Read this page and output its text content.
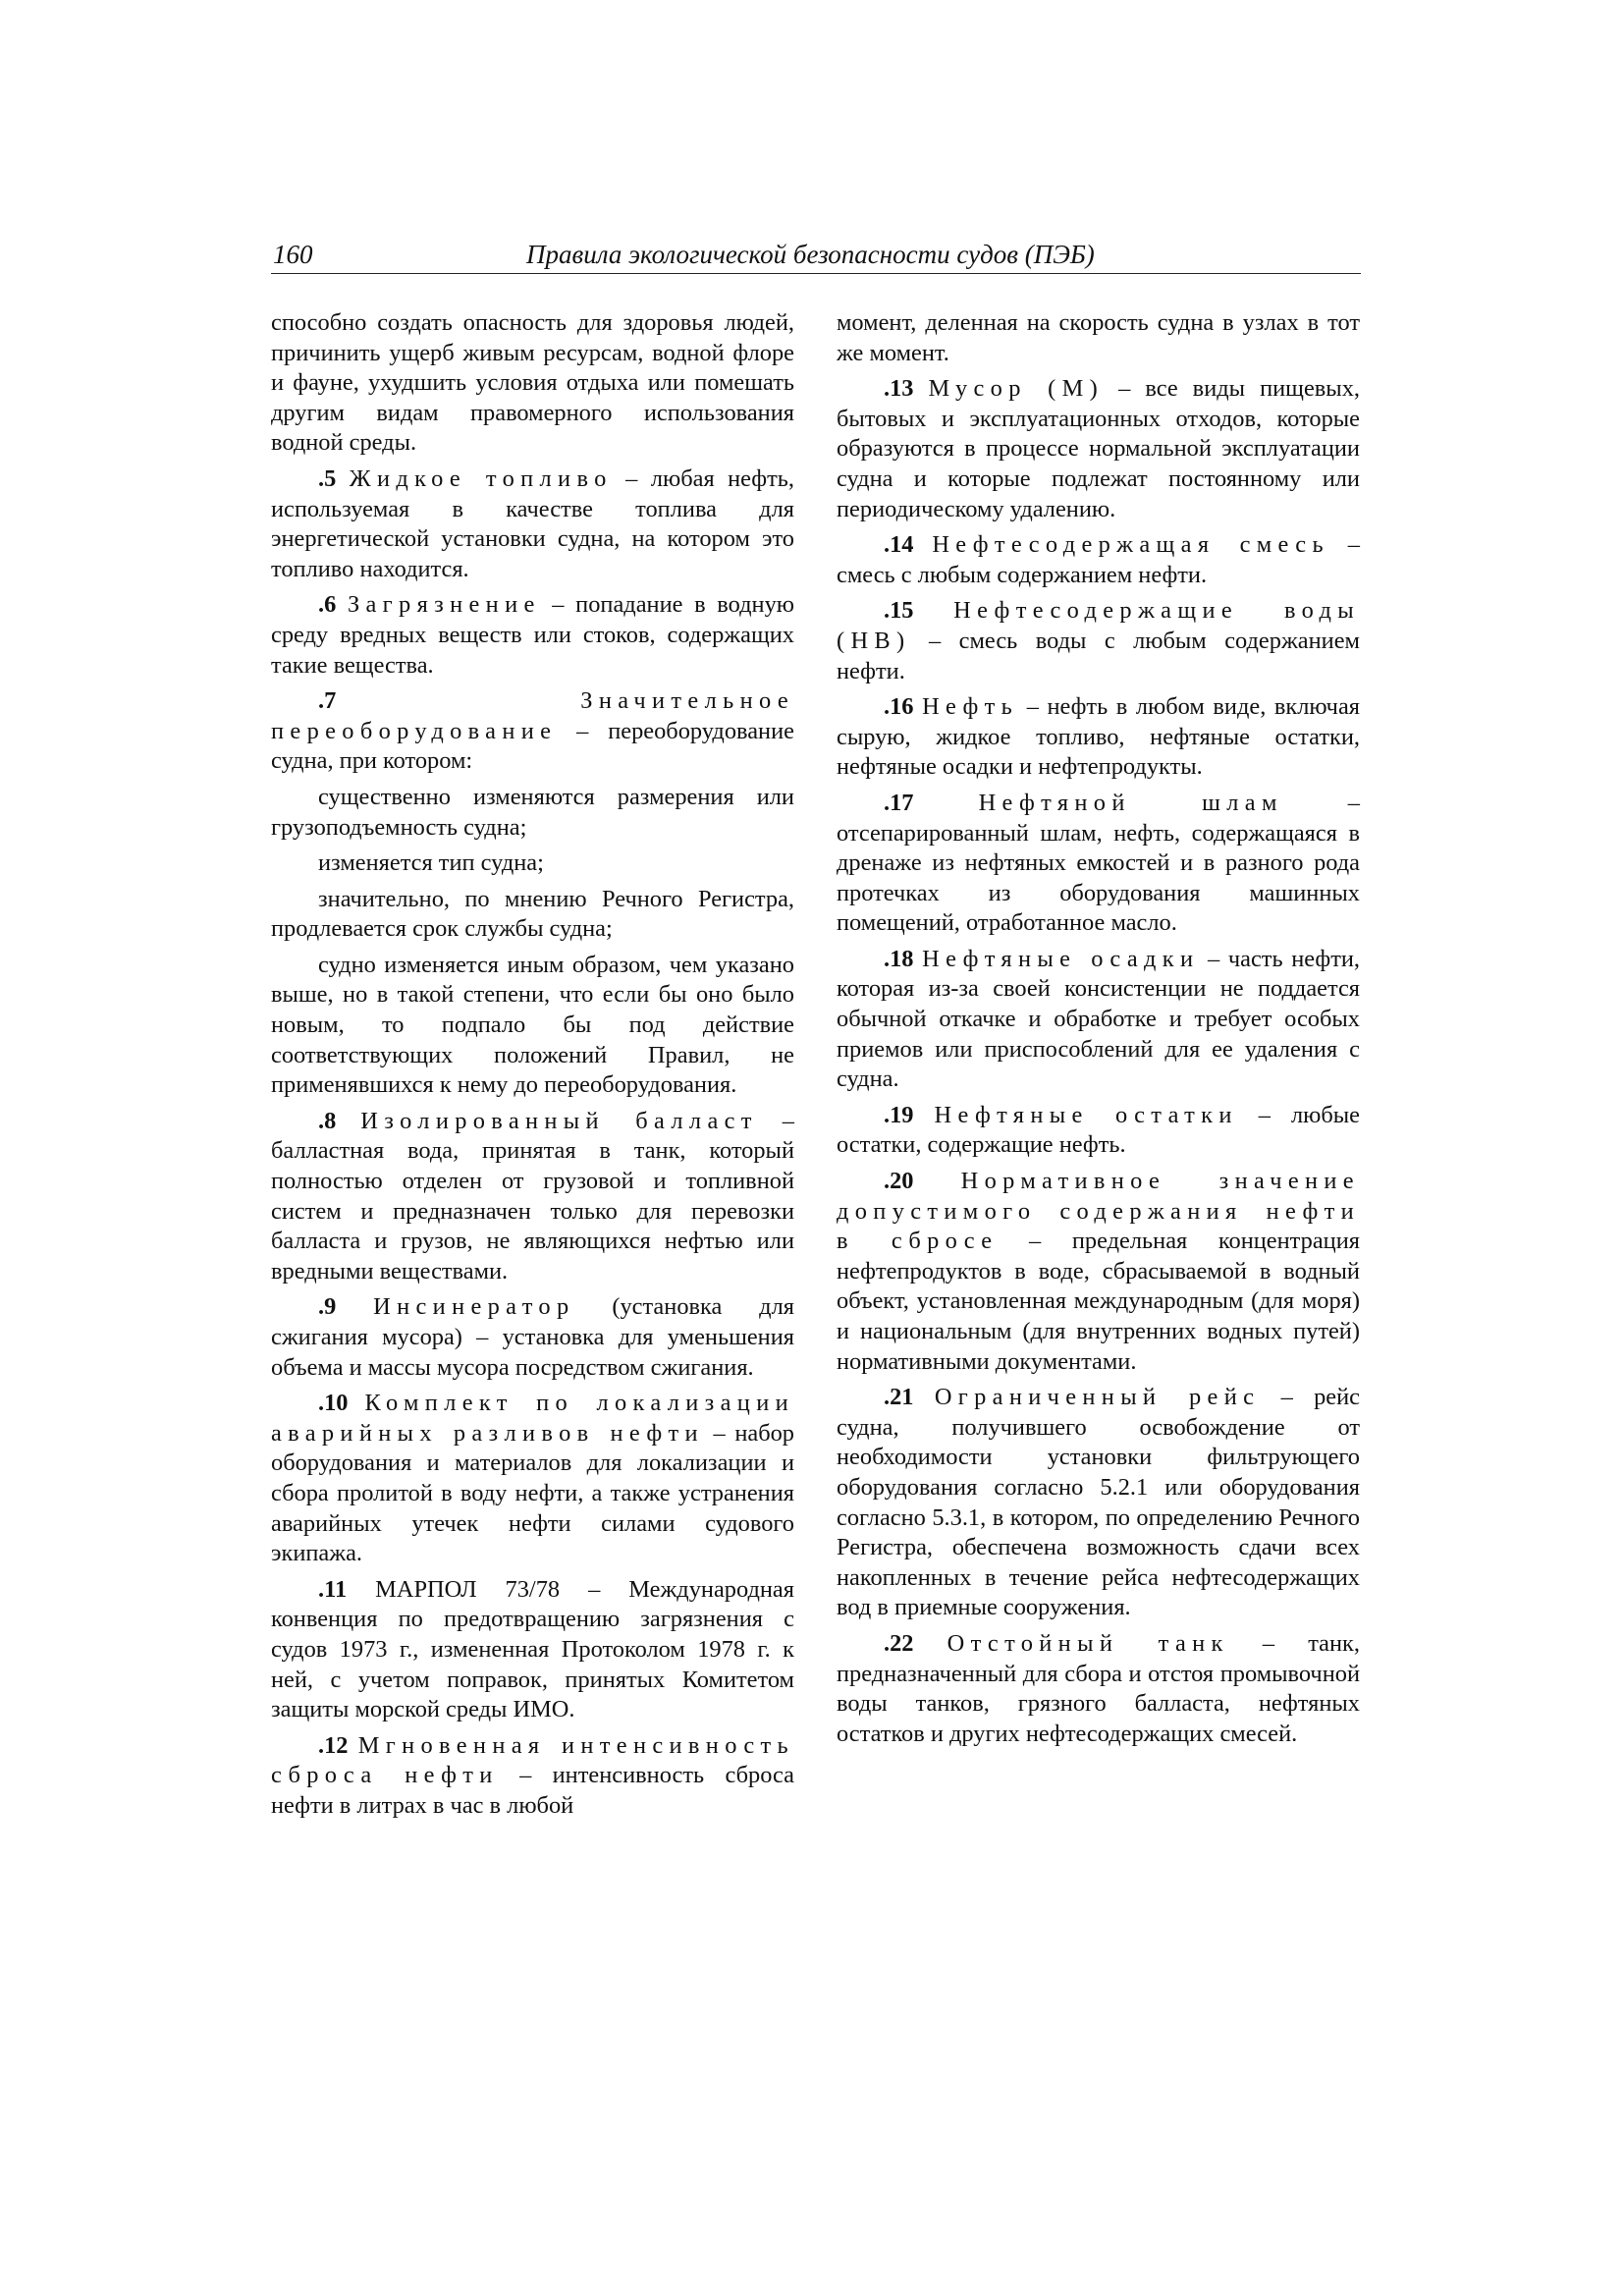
160	Правила экологической безопасности судов (ПЭБ)

способно создать опасность для здоровья людей, причинить ущерб живым ресурсам, водной флоре и фауне, ухудшить условия отдыха или помешать другим видам правомерного использования водной среды.

.5 Жидкое топливо – любая нефть, используемая в качестве топлива для энергетической установки судна, на котором это топливо находится.

.6 Загрязнение – попадание в водную среду вредных веществ или стоков, содержащих такие вещества.

.7	Значительное переоборудование – переоборудование судна, при котором:

существенно изменяются размерения или грузоподъемность судна;

изменяется тип судна;

значительно, по мнению Речного Регистра, продлевается срок службы судна;

судно изменяется иным образом, чем указано выше, но в такой степени, что если бы оно было новым, то подпало бы под действие соответствующих положений Правил, не применявшихся к нему до переоборудования.

.8 Изолированный балласт – балластная вода, принятая в танк, который полностью отделен от грузовой и топливной систем и предназначен только для перевозки балласта и грузов, не являющихся нефтью или вредными веществами.

.9 Инсинератор (установка для сжигания мусора) – установка для уменьшения объема и массы мусора посредством сжигания.

.10 Комплект по локализации аварийных разливов нефти – набор оборудования и материалов для локализации и сбора пролитой в воду нефти, а также устранения аварийных утечек нефти силами судового экипажа.

.11 МАРПОЛ 73/78 – Международная конвенция по предотвращению загрязнения с судов 1973 г., измененная Протоколом 1978 г. к ней, с учетом поправок, принятых Комитетом защиты морской среды ИМО.

.12 Мгновенная интенсивность сброса нефти – интенсивность сброса нефти в литрах в час в любой

момент, деленная на скорость судна в узлах в тот же момент.

.13 Мусор (М) – все виды пищевых, бытовых и эксплуатационных отходов, которые образуются в процессе нормальной эксплуатации судна и которые подлежат постоянному или периодическому удалению.

.14 Нефтесодержащая смесь – смесь с любым содержанием нефти.

.15 Нефтесодержащие воды (НВ) – смесь воды с любым содержанием нефти.

.16 Нефть – нефть в любом виде, включая сырую, жидкое топливо, нефтяные остатки, нефтяные осадки и нефтепродукты.

.17	Нефтяной шлам – отсепарированный шлам, нефть, содержащаяся в дренаже из нефтяных емкостей и в разного рода протечках из оборудования машинных помещений, отработанное масло.

.18 Нефтяные осадки – часть нефти, которая из-за своей консистенции не поддается обычной откачке и обработке и требует особых приемов или приспособлений для ее удаления с судна.

.19 Нефтяные остатки – любые остатки, содержащие нефть.

.20 Нормативное значение допустимого содержания нефти в сбросе – предельная концентрация нефтепродуктов в воде, сбрасываемой в водный объект, установленная международным (для моря) и национальным (для внутренних водных путей) нормативными документами.

.21 Ограниченный рейс – рейс судна, получившего освобождение от необходимости установки фильтрующего оборудования согласно 5.2.1 или оборудования согласно 5.3.1, в котором, по определению Речного Регистра, обеспечена возможность сдачи всех накопленных в течение рейса нефтесодержащих вод в приемные сооружения.

.22 Отстойный танк – танк, предназначенный для сбора и отстоя промывочной воды танков, грязного балласта, нефтяных остатков и других нефтесодержащих смесей.
